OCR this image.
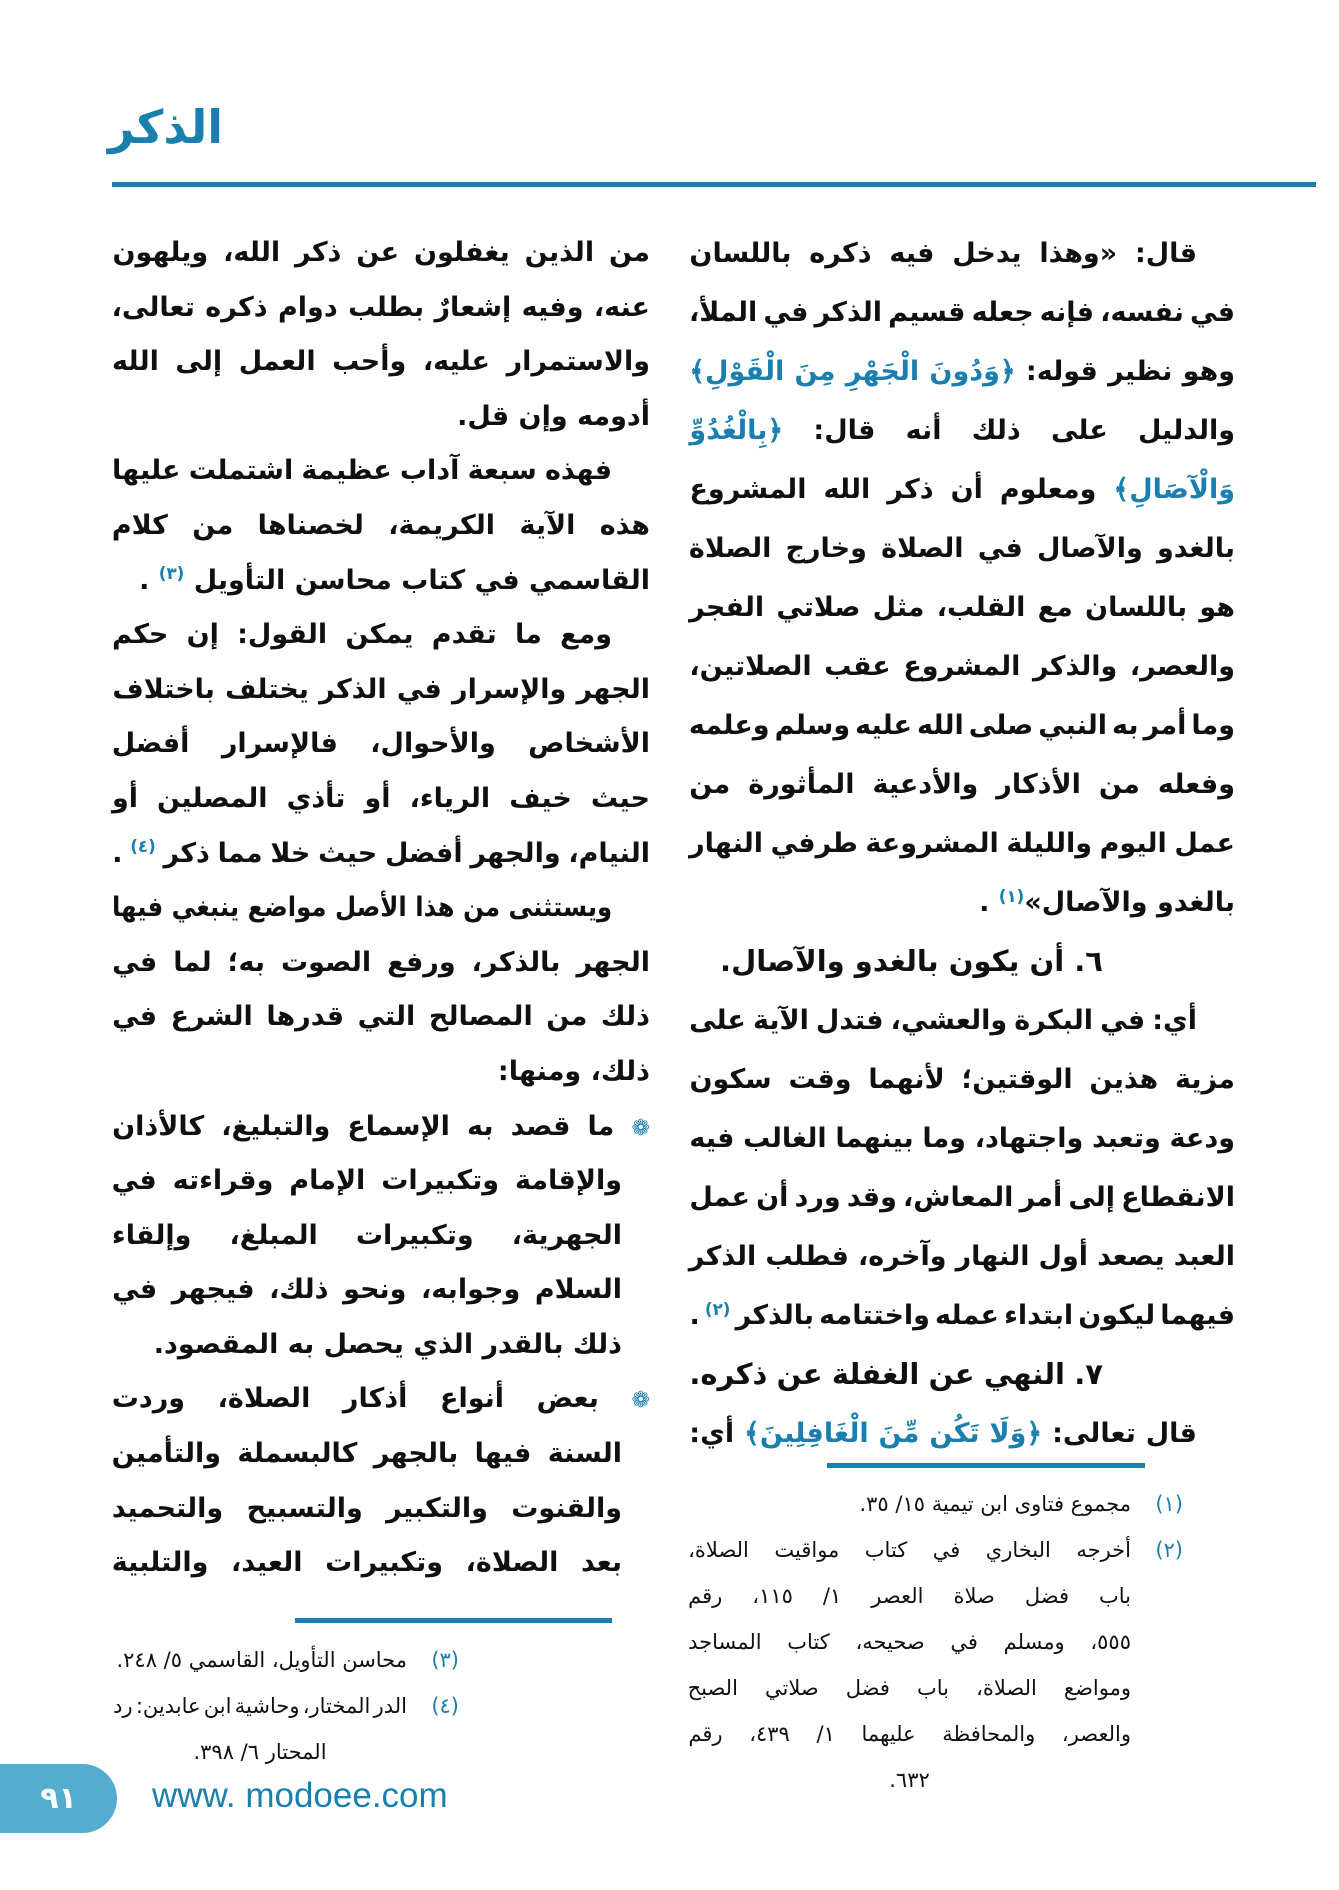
الذكر
قال: «وهذا يدخل فيه ذكره باللسان
في نفسه، فإنه جعله قسيم الذكر في الملأ،
وهو نظير قوله: ﴿وَدُونَ الْجَهْرِ مِنَ الْقَوْلِ﴾
والدليل على ذلك أنه قال: ﴿بِالْغُدُوِّ
وَالْآصَالِ﴾ ومعلوم أن ذكر الله المشروع
بالغدو والآصال في الصلاة وخارج الصلاة
هو باللسان مع القلب، مثل صلاتي الفجر
والعصر، والذكر المشروع عقب الصلاتين،
وما أمر به النبي صلى الله عليه وسلم وعلمه
وفعله من الأذكار والأدعية المأثورة من
عمل اليوم والليلة المشروعة طرفي النهار
بالغدو والآصال»$^{(١)}$ .
٦. أن يكون بالغدو والآصال.
أي: في البكرة والعشي، فتدل الآية على
مزية هذين الوقتين؛ لأنهما وقت سكون
ودعة وتعبد واجتهاد، وما بينهما الغالب فيه
الانقطاع إلى أمر المعاش، وقد ورد أن عمل
العبد يصعد أول النهار وآخره، فطلب الذكر
فيهما ليكون ابتداء عمله واختتامه بالذكر $^{(٢)}$ .
٧. النهي عن الغفلة عن ذكره.
قال تعالى: ﴿وَلَا تَكُن مِّنَ الْغَافِلِينَ﴾ أي:
من الذين يغفلون عن ذكر الله، ويلهون
عنه، وفيه إشعارٌ بطلب دوام ذكره تعالى،
والاستمرار عليه، وأحب العمل إلى الله
أدومه وإن قل.
فهذه سبعة آداب عظيمة اشتملت عليها
هذه الآية الكريمة، لخصناها من كلام
القاسمي في كتاب محاسن التأويل $^{(٣)}$ .
ومع ما تقدم يمكن القول: إن حكم
الجهر والإسرار في الذكر يختلف باختلاف
الأشخاص والأحوال، فالإسرار أفضل
حيث خيف الرياء، أو تأذي المصلين أو
النيام، والجهر أفضل حيث خلا مما ذكر $^{(٤)}$ .
ويستثنى من هذا الأصل مواضع ينبغي فيها
الجهر بالذكر، ورفع الصوت به؛ لما في
ذلك من المصالح التي قدرها الشرع في
ذلك، ومنها:
❁ ما قصد به الإسماع والتبليغ، كالأذان
والإقامة وتكبيرات الإمام وقراءته في
الجهرية، وتكبيرات المبلغ، وإلقاء
السلام وجوابه، ونحو ذلك، فيجهر في
ذلك بالقدر الذي يحصل به المقصود.
❁ بعض أنواع أذكار الصلاة، وردت
السنة فيها بالجهر كالبسملة والتأمين
والقنوت والتكبير والتسبيح والتحميد
بعد الصلاة، وتكبيرات العيد، والتلبية
(١)
مجموع فتاوى ابن تيمية ١٥/ ٣٥.
(٢)
أخرجه البخاري في كتاب مواقيت الصلاة،
باب فضل صلاة العصر ١/ ١١٥، رقم
٥٥٥، ومسلم في صحيحه، كتاب المساجد
ومواضع الصلاة، باب فضل صلاتي الصبح
والعصر، والمحافظة عليهما ١/ ٤٣٩، رقم
٦٣٢.
(٣)
محاسن التأويل، القاسمي ٥/ ٢٤٨.
(٤)
الدر المختار، وحاشية ابن عابدين: رد
المحتار ٦/ ٣٩٨.
٩١	www. modoee.com
